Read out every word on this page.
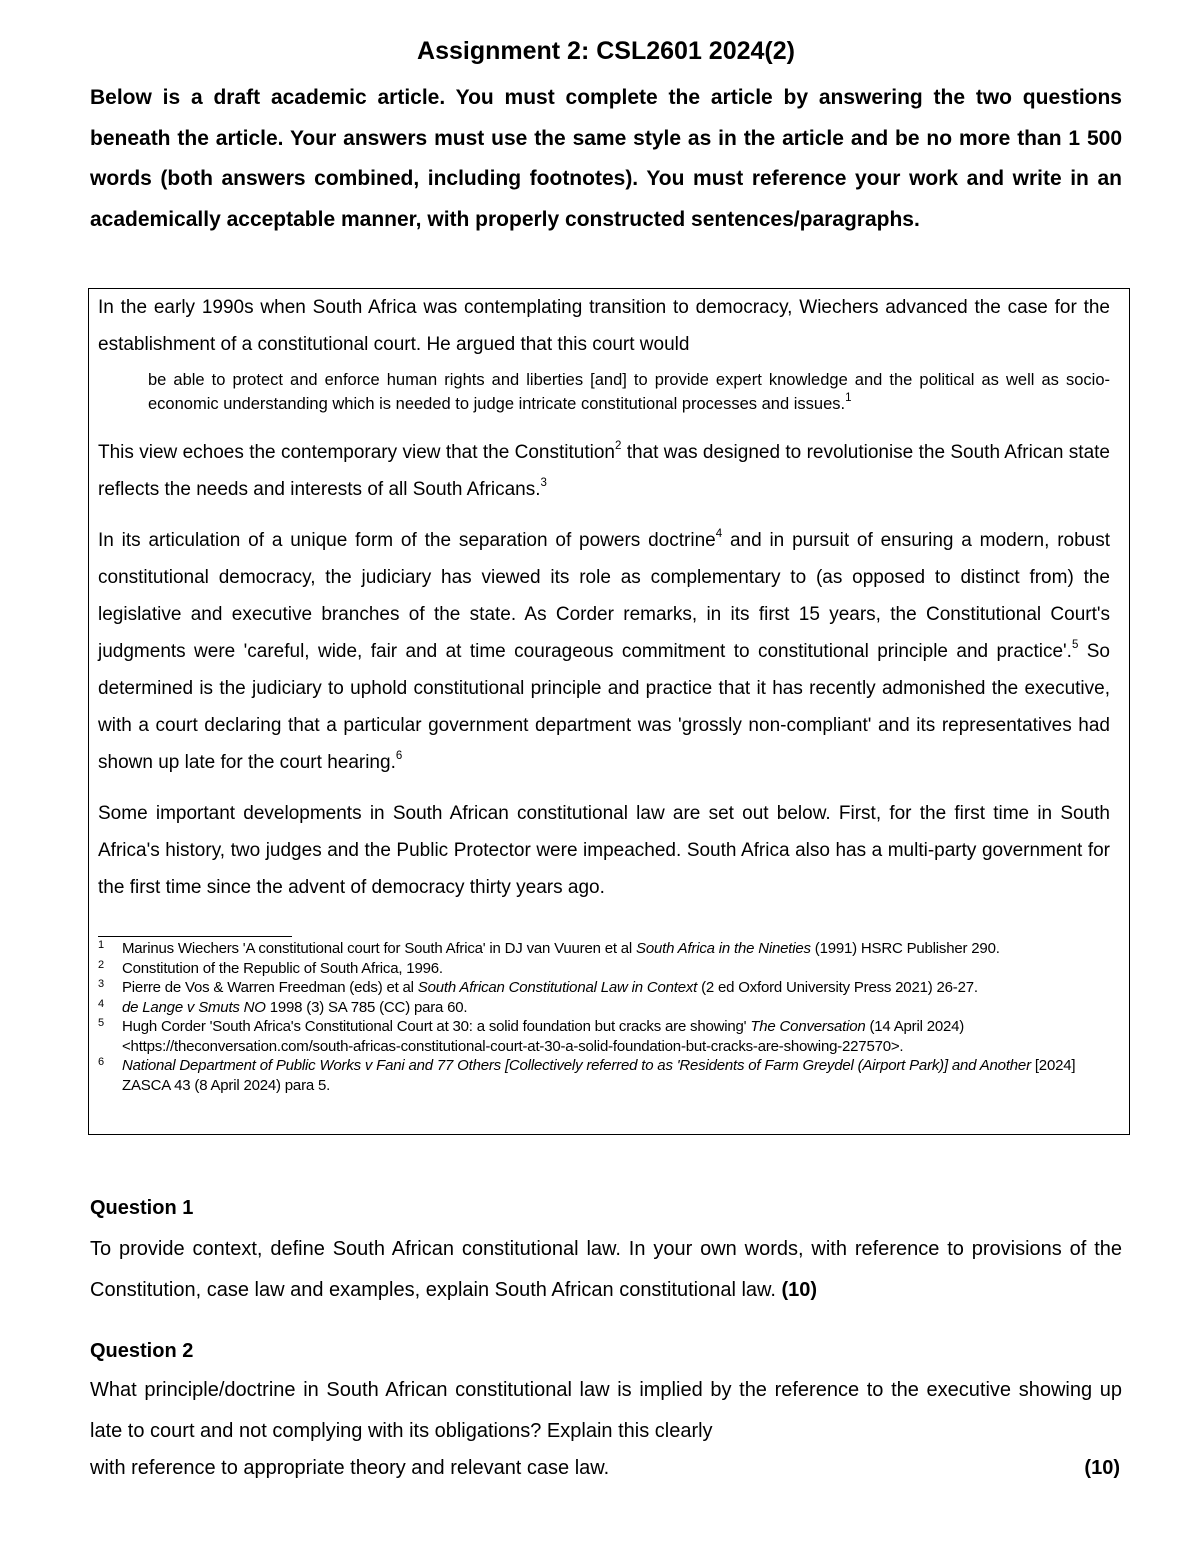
Assignment 2: CSL2601 2024(2)
Below is a draft academic article. You must complete the article by answering the two questions beneath the article. Your answers must use the same style as in the article and be no more than 1 500 words (both answers combined, including footnotes). You must reference your work and write in an academically acceptable manner, with properly constructed sentences/paragraphs.

In the early 1990s when South Africa was contemplating transition to democracy, Wiechers advanced the case for the establishment of a constitutional court. He argued that this court would

be able to protect and enforce human rights and liberties [and] to provide expert knowledge and the political as well as socio-economic understanding which is needed to judge intricate constitutional processes and issues.$^1$

This view echoes the contemporary view that the Constitution$^2$ that was designed to revolutionise the South African state reflects the needs and interests of all South Africans.$^3$

In its articulation of a unique form of the separation of powers doctrine$^4$ and in pursuit of ensuring a modern, robust constitutional democracy, the judiciary has viewed its role as complementary to (as opposed to distinct from) the legislative and executive branches of the state. As Corder remarks, in its first 15 years, the Constitutional Court's judgments were 'careful, wide, fair and at time courageous commitment to constitutional principle and practice'.$^5$ So determined is the judiciary to uphold constitutional principle and practice that it has recently admonished the executive, with a court declaring that a particular government department was 'grossly non-compliant' and its representatives had shown up late for the court hearing.$^6$

Some important developments in South African constitutional law are set out below. First, for the first time in South Africa's history, two judges and the Public Protector were impeached. South Africa also has a multi-party government for the first time since the advent of democracy thirty years ago.

1 Marinus Wiechers 'A constitutional court for South Africa' in DJ van Vuuren et al South Africa in the Nineties (1991) HSRC Publisher 290.
2 Constitution of the Republic of South Africa, 1996.
3 Pierre de Vos & Warren Freedman (eds) et al South African Constitutional Law in Context (2 ed Oxford University Press 2021) 26-27.
4 de Lange v Smuts NO 1998 (3) SA 785 (CC) para 60.
5 Hugh Corder 'South Africa's Constitutional Court at 30: a solid foundation but cracks are showing' The Conversation (14 April 2024) <https://theconversation.com/south-africas-constitutional-court-at-30-a-solid-foundation-but-cracks-are-showing-227570>.
6 National Department of Public Works v Fani and 77 Others [Collectively referred to as 'Residents of Farm Greydel (Airport Park)] and Another [2024] ZASCA 43 (8 April 2024) para 5.
Question 1
To provide context, define South African constitutional law. In your own words, with reference to provisions of the Constitution, case law and examples, explain South African constitutional law. (10)
Question 2
What principle/doctrine in South African constitutional law is implied by the reference to the executive showing up late to court and not complying with its obligations? Explain this clearly
with reference to appropriate theory and relevant case law.	(10)
